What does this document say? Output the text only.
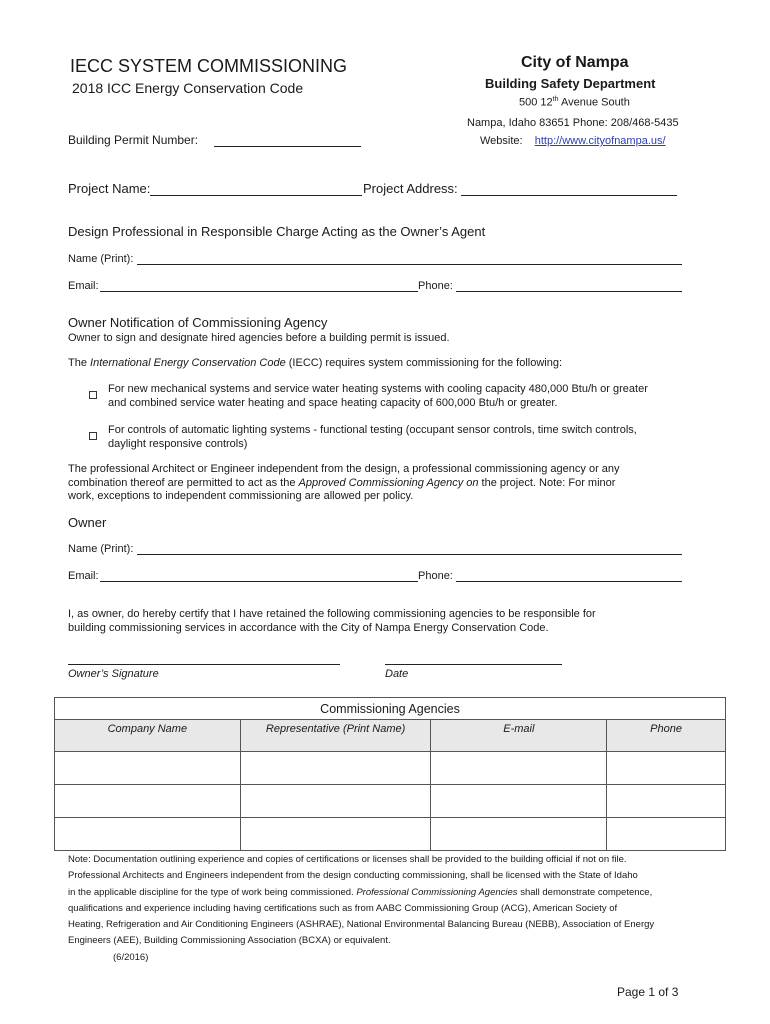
IECC SYSTEM COMMISSIONING
2018 ICC Energy Conservation Code
City of Nampa
Building Safety Department
500 12th Avenue South
Nampa, Idaho 83651 Phone: 208/468-5435
Website: http://www.cityofnampa.us/
Building Permit Number:
Project Name:	Project Address:
Design Professional in Responsible Charge Acting as the Owner’s Agent
Name (Print):
Email:	Phone:
Owner Notification of Commissioning Agency
Owner to sign and designate hired agencies before a building permit is issued.
The International Energy Conservation Code (IECC) requires system commissioning for the following:
For new mechanical systems and service water heating systems with cooling capacity 480,000 Btu/h or greater
and combined service water heating and space heating capacity of 600,000 Btu/h or greater.
For controls of automatic lighting systems - functional testing (occupant sensor controls, time switch controls,
daylight responsive controls)
The professional Architect or Engineer independent from the design, a professional commissioning agency or any
combination thereof are permitted to act as the Approved Commissioning Agency on the project. Note: For minor
work, exceptions to independent commissioning are allowed per policy.
Owner
Name (Print):
Email:	Phone:
I, as owner, do hereby certify that I have retained the following commissioning agencies to be responsible for
building commissioning services in accordance with the City of Nampa Energy Conservation Code.
Owner’s Signature	Date
Commissioning Agencies			
Company Name	Representative (Print Name)	E-mail	Phone

Note: Documentation outlining experience and copies of certifications or licenses shall be provided to the building official if not on file.
Professional Architects and Engineers independent from the design conducting commissioning, shall be licensed with the State of Idaho
in the applicable discipline for the type of work being commissioned. Professional Commissioning Agencies shall demonstrate competence,
qualifications and experience including having certifications such as from AABC Commissioning Group (ACG), American Society of
Heating, Refrigeration and Air Conditioning Engineers (ASHRAE), National Environmental Balancing Bureau (NEBB), Association of Energy
Engineers (AEE), Building Commissioning Association (BCXA) or equivalent.
(6/2016)
Page 1 of 3
